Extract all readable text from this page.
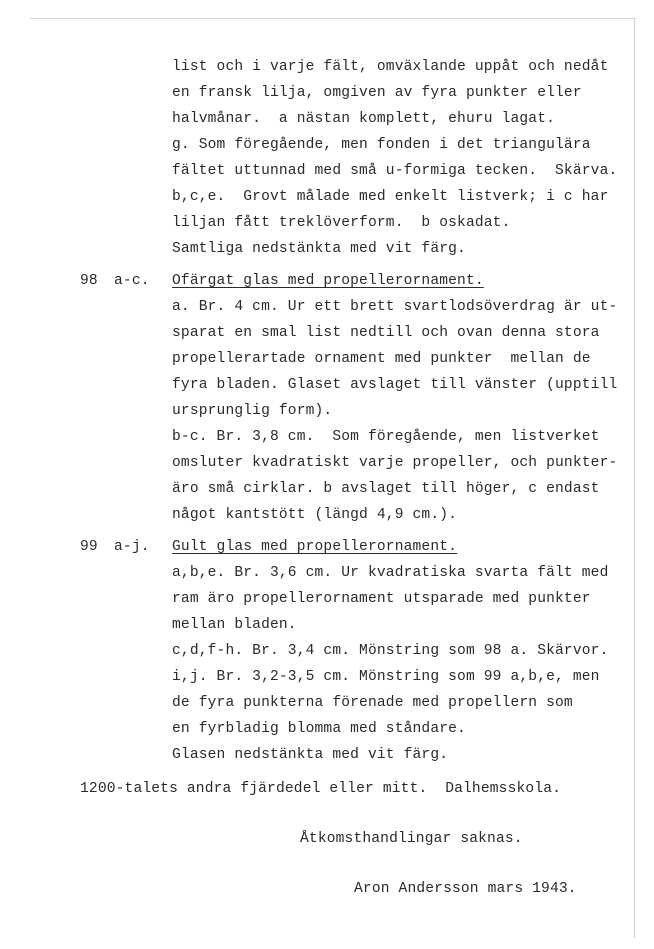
list och i varje fält, omväxlande uppåt och nedåt
en fransk lilja, omgiven av fyra punkter eller
halvmånar.  a nästan komplett, ehuru lagat.
g. Som föregående, men fonden i det triangulära
fältet uttunnad med små u-formiga tecken.  Skärva.
b,c,e.  Grovt målade med enkelt listverk; i c har
liljan fått treklöverform.  b oskadat.
Samtliga nedstänkta med vit färg.
98 a-c. Ofärgat glas med propellerornament.
a. Br. 4 cm. Ur ett brett svartlodsöverdrag är ut-
sparat en smal list nedtill och ovan denna stora
propellerartade ornament med punkter  mellan de
fyra bladen. Glaset avslaget till vänster (upptill
ursprunglig form).
b-c. Br. 3,8 cm.  Som föregående, men listverket
omsluter kvadratiskt varje propeller, och punkter-
äro små cirklar. b avslaget till höger, c endast
något kantstött (längd 4,9 cm.).
99 a-j. Gult glas med propellerornament.
a,b,e. Br. 3,6 cm. Ur kvadratiska svarta fält med
ram äro propellerornament utsparade med punkter
mellan bladen.
c,d,f-h. Br. 3,4 cm. Mönstring som 98 a. Skärvor.
i,j. Br. 3,2-3,5 cm. Mönstring som 99 a,b,e, men
de fyra punkterna förenade med propellern som
en fyrbladig blomma med ståndare.
Glasen nedstänkta med vit färg.
1200-talets andra fjärdedel eller mitt.  Dalhemsskola.
Åtkomsthandlingar saknas.
Aron Andersson mars 1943.
